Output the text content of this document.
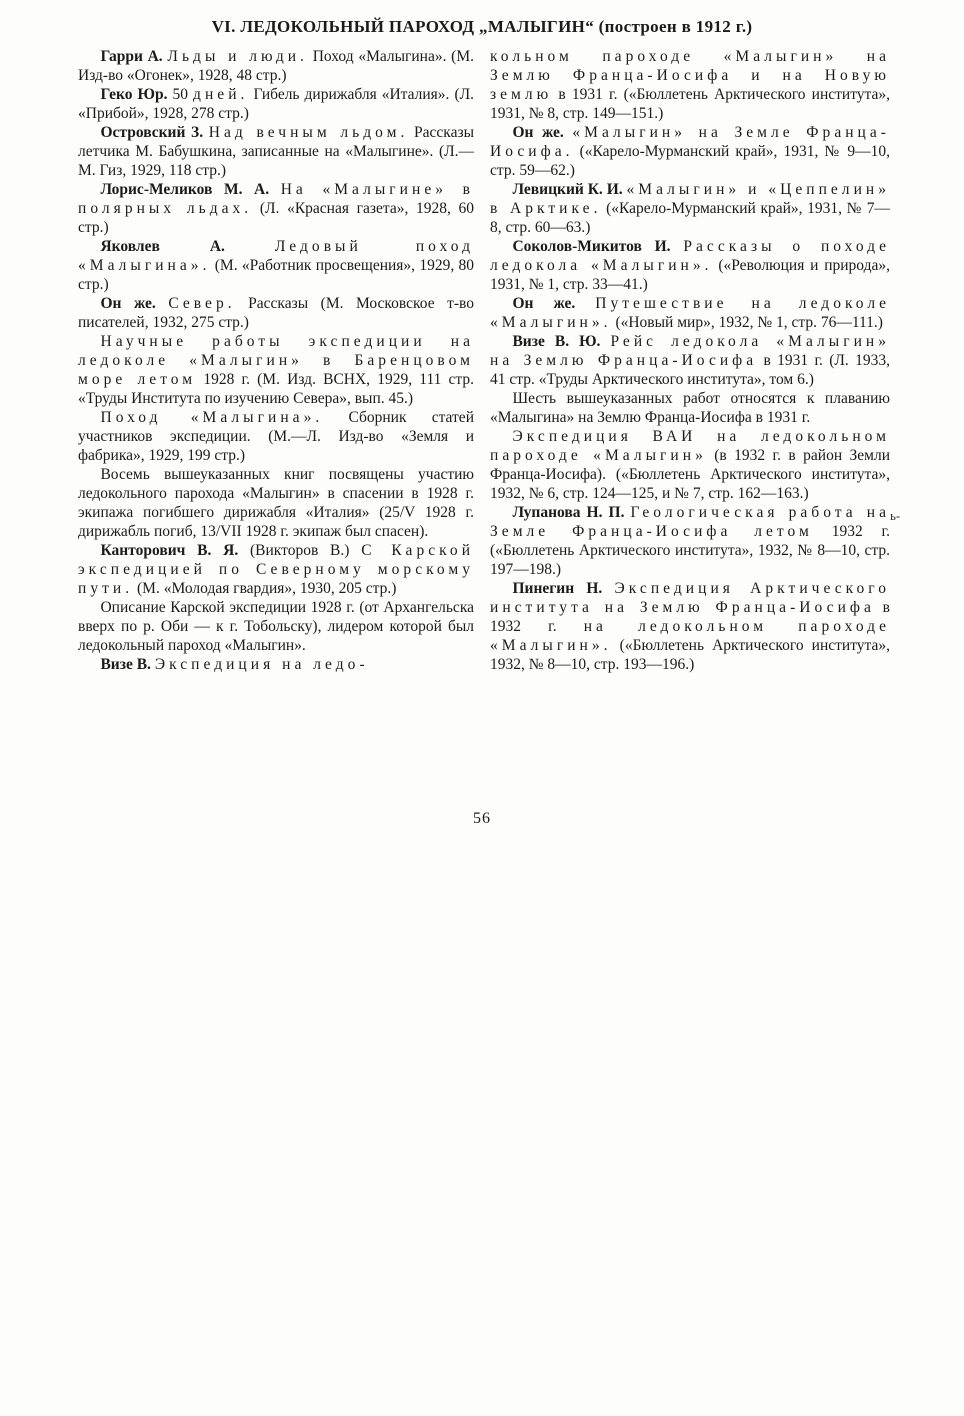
VI. ЛЕДОКОЛЬНЫЙ ПАРОХОД „МАЛЫГИН“ (построен в 1912 г.)

Гарри А. Льды и люди. Поход «Малыгина». (М. Изд-во «Огонек», 1928, 48 стр.)

Геко Юр. 50 дней. Гибель дирижабля «Италия». (Л. «Прибой», 1928, 278 стр.)

Островский З. Над вечным льдом. Рассказы летчика М. Бабушкина, записанные на «Малыгине». (Л.—М. Гиз, 1929, 118 стр.)

Лорис-Меликов М. А. На «Малыгине» в полярных льдах. (Л. «Красная газета», 1928, 60 стр.)

Яковлев А.	Ледовый поход «Малыгина». (М. «Работник просвещения», 1929, 80 стр.)

Он же. Север. Рассказы (М. Московское т-во писателей, 1932, 275 стр.)

Научные работы экспедиции на ледоколе «Малыгин» в Баренцовом море летом 1928 г. (М. Изд. ВСНХ, 1929, 111 стр. «Труды Института по изучению Севера», вып. 45.)

Поход «Малыгина». Сборник статей участников экспедиции. (М.—Л. Изд-во «Земля и фабрика», 1929, 199 стр.)

Восемь вышеуказанных книг посвящены участию ледокольного парохода «Малыгин» в спасении в 1928 г. экипажа погибшего дирижабля «Италия» (25/V 1928 г. дирижабль погиб, 13/VII 1928 г. экипаж был спасен).

Канторович В. Я. (Викторов В.) С Карской экспедицией по Северному морскому пути. (М. «Молодая гвардия», 1930, 205 стр.)

Описание Карской экспедиции 1928 г. (от Архангельска вверх по р. Оби — к г. Тобольску), лидером которой был ледокольный пароход «Малыгин».

Визе В. Экспедиция на ледо-

кольном пароходе «Малыгин» на Землю Франца-Иосифа и на Новую землю в 1931 г. («Бюллетень Арктического института», 1931, № 8, стр. 149—151.)

Он же. «Малыгин» на Земле Франца-Иосифа. («Карело-Мурманский край», 1931, № 9—10, стр. 59—62.)

Левицкий К. И. «Малыгин» и «Цеппелин» в Арктике. («Карело-Мурманский край», 1931, № 7—8, стр. 60—63.)

Соколов-Микитов И. Рассказы о походе ледокола «Малыгин». («Революция и природа», 1931, № 1, стр. 33—41.)

Он же. Путешествие на ледоколе «Малыгин». («Новый мир», 1932, № 1, стр. 76—111.)

Визе В. Ю. Рейс ледокола «Малыгин» на Землю Франца-Иосифа в 1931 г. (Л. 1933, 41 стр. «Труды Арктического института», том 6.)

Шесть вышеуказанных работ относятся к плаванию «Малыгина» на Землю Франца-Иосифа в 1931 г.

Экспедиция ВАИ на ледокольном пароходе «Малыгин» (в 1932 г. в район Земли Франца-Иосифа). («Бюллетень Арктического института», 1932, № 6, стр. 124—125, и № 7, стр. 162—163.)

Лупанова Н. П. Геологическая работа на Земле Франца-Иосифа летом 1932 г. («Бюллетень Арктического института», 1932, № 8—10, стр. 197—198.)

Пинегин Н. Экспедиция Арктического института на Землю Франца-Иосифа в 1932 г. на ледокольном пароходе «Малыгин». («Бюллетень Арктического института», 1932, № 8—10, стр. 193—196.)

ь-
56
